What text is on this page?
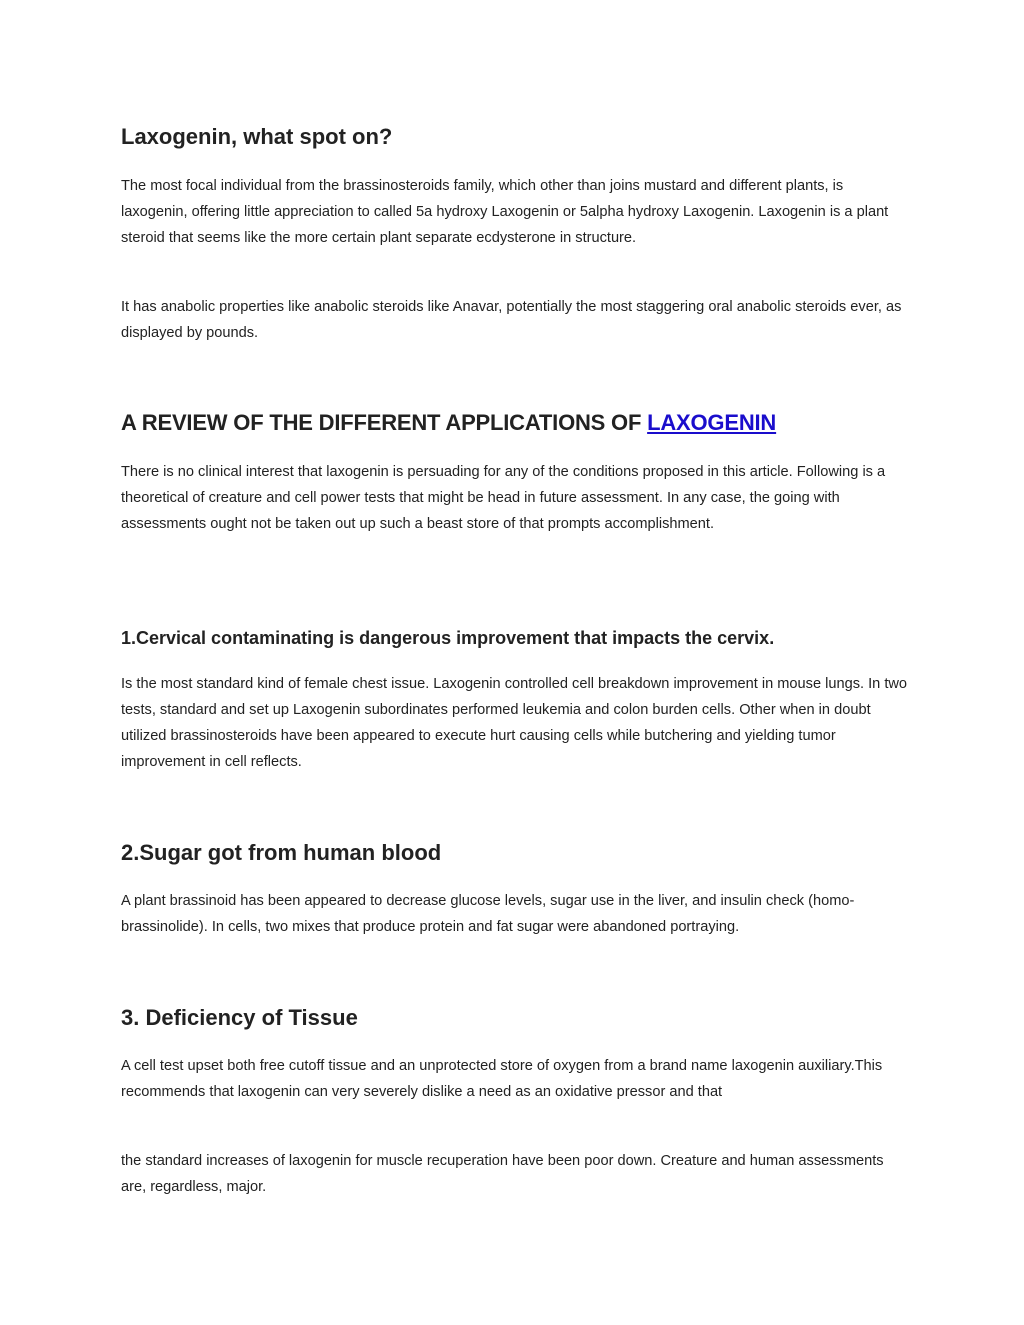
Laxogenin, what spot on?

The most focal individual from the brassinosteroids family, which other than joins mustard and different plants, is laxogenin, offering little appreciation to called 5a hydroxy Laxogenin or 5alpha hydroxy Laxogenin. Laxogenin is a plant steroid that seems like the more certain plant separate ecdysterone in structure.

It has anabolic properties like anabolic steroids like Anavar, potentially the most staggering oral anabolic steroids ever, as displayed by pounds.

A REVIEW OF THE DIFFERENT APPLICATIONS OF LAXOGENIN

There is no clinical interest that laxogenin is persuading for any of the conditions proposed in this article. Following is a theoretical of creature and cell power tests that might be head in future assessment. In any case, the going with assessments ought not be taken out up such a beast store of that prompts accomplishment.

1.Cervical contaminating is dangerous improvement that impacts the cervix.

Is the most standard kind of female chest issue. Laxogenin controlled cell breakdown improvement in mouse lungs. In two tests, standard and set up Laxogenin subordinates performed leukemia and colon burden cells. Other when in doubt utilized brassinosteroids have been appeared to execute hurt causing cells while butchering and yielding tumor improvement in cell reflects.

2.Sugar got from human blood

A plant brassinoid has been appeared to decrease glucose levels, sugar use in the liver, and insulin check (homo-brassinolide). In cells, two mixes that produce protein and fat sugar were abandoned portraying.

3. Deficiency of Tissue

A cell test upset both free cutoff tissue and an unprotected store of oxygen from a brand name laxogenin auxiliary.This recommends that laxogenin can very severely dislike a need as an oxidative pressor and that

the standard increases of laxogenin for muscle recuperation have been poor down. Creature and human assessments are, regardless, major.
